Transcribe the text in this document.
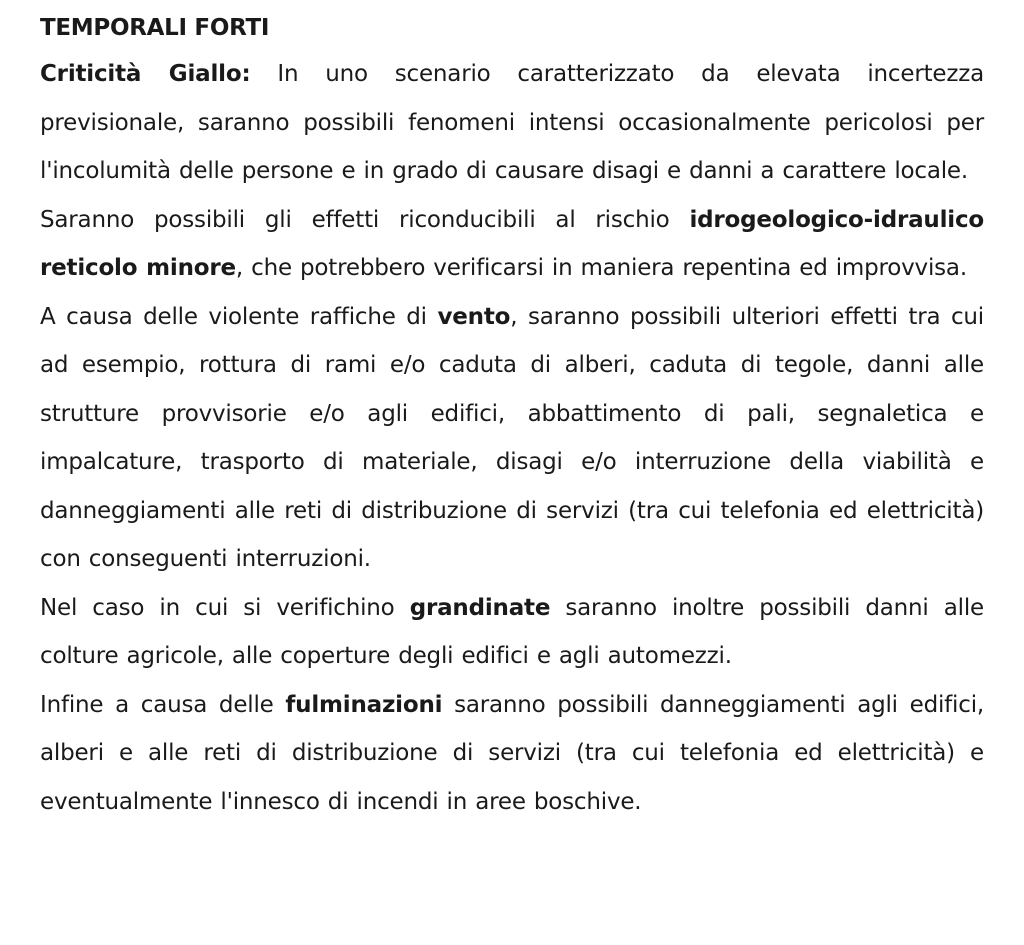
TEMPORALI FORTI

Criticità Giallo: In uno scenario caratterizzato da elevata incertezza previsionale, saranno possibili fenomeni intensi occasionalmente pericolosi per l'incolumità delle persone e in grado di causare disagi e danni a carattere locale.

Saranno possibili gli effetti riconducibili al rischio idrogeologico-idraulico reticolo minore, che potrebbero verificarsi in maniera repentina ed improvvisa.

A causa delle violente raffiche di vento, saranno possibili ulteriori effetti tra cui ad esempio, rottura di rami e/o caduta di alberi, caduta di tegole, danni alle strutture provvisorie e/o agli edifici, abbattimento di pali, segnaletica e impalcature, trasporto di materiale, disagi e/o interruzione della viabilità e danneggiamenti alle reti di distribuzione di servizi (tra cui telefonia ed elettricità) con conseguenti interruzioni.

Nel caso in cui si verifichino grandinate saranno inoltre possibili danni alle colture agricole, alle coperture degli edifici e agli automezzi.

Infine a causa delle fulminazioni saranno possibili danneggiamenti agli edifici, alberi e alle reti di distribuzione di servizi (tra cui telefonia ed elettricità) e eventualmente l'innesco di incendi in aree boschive.
